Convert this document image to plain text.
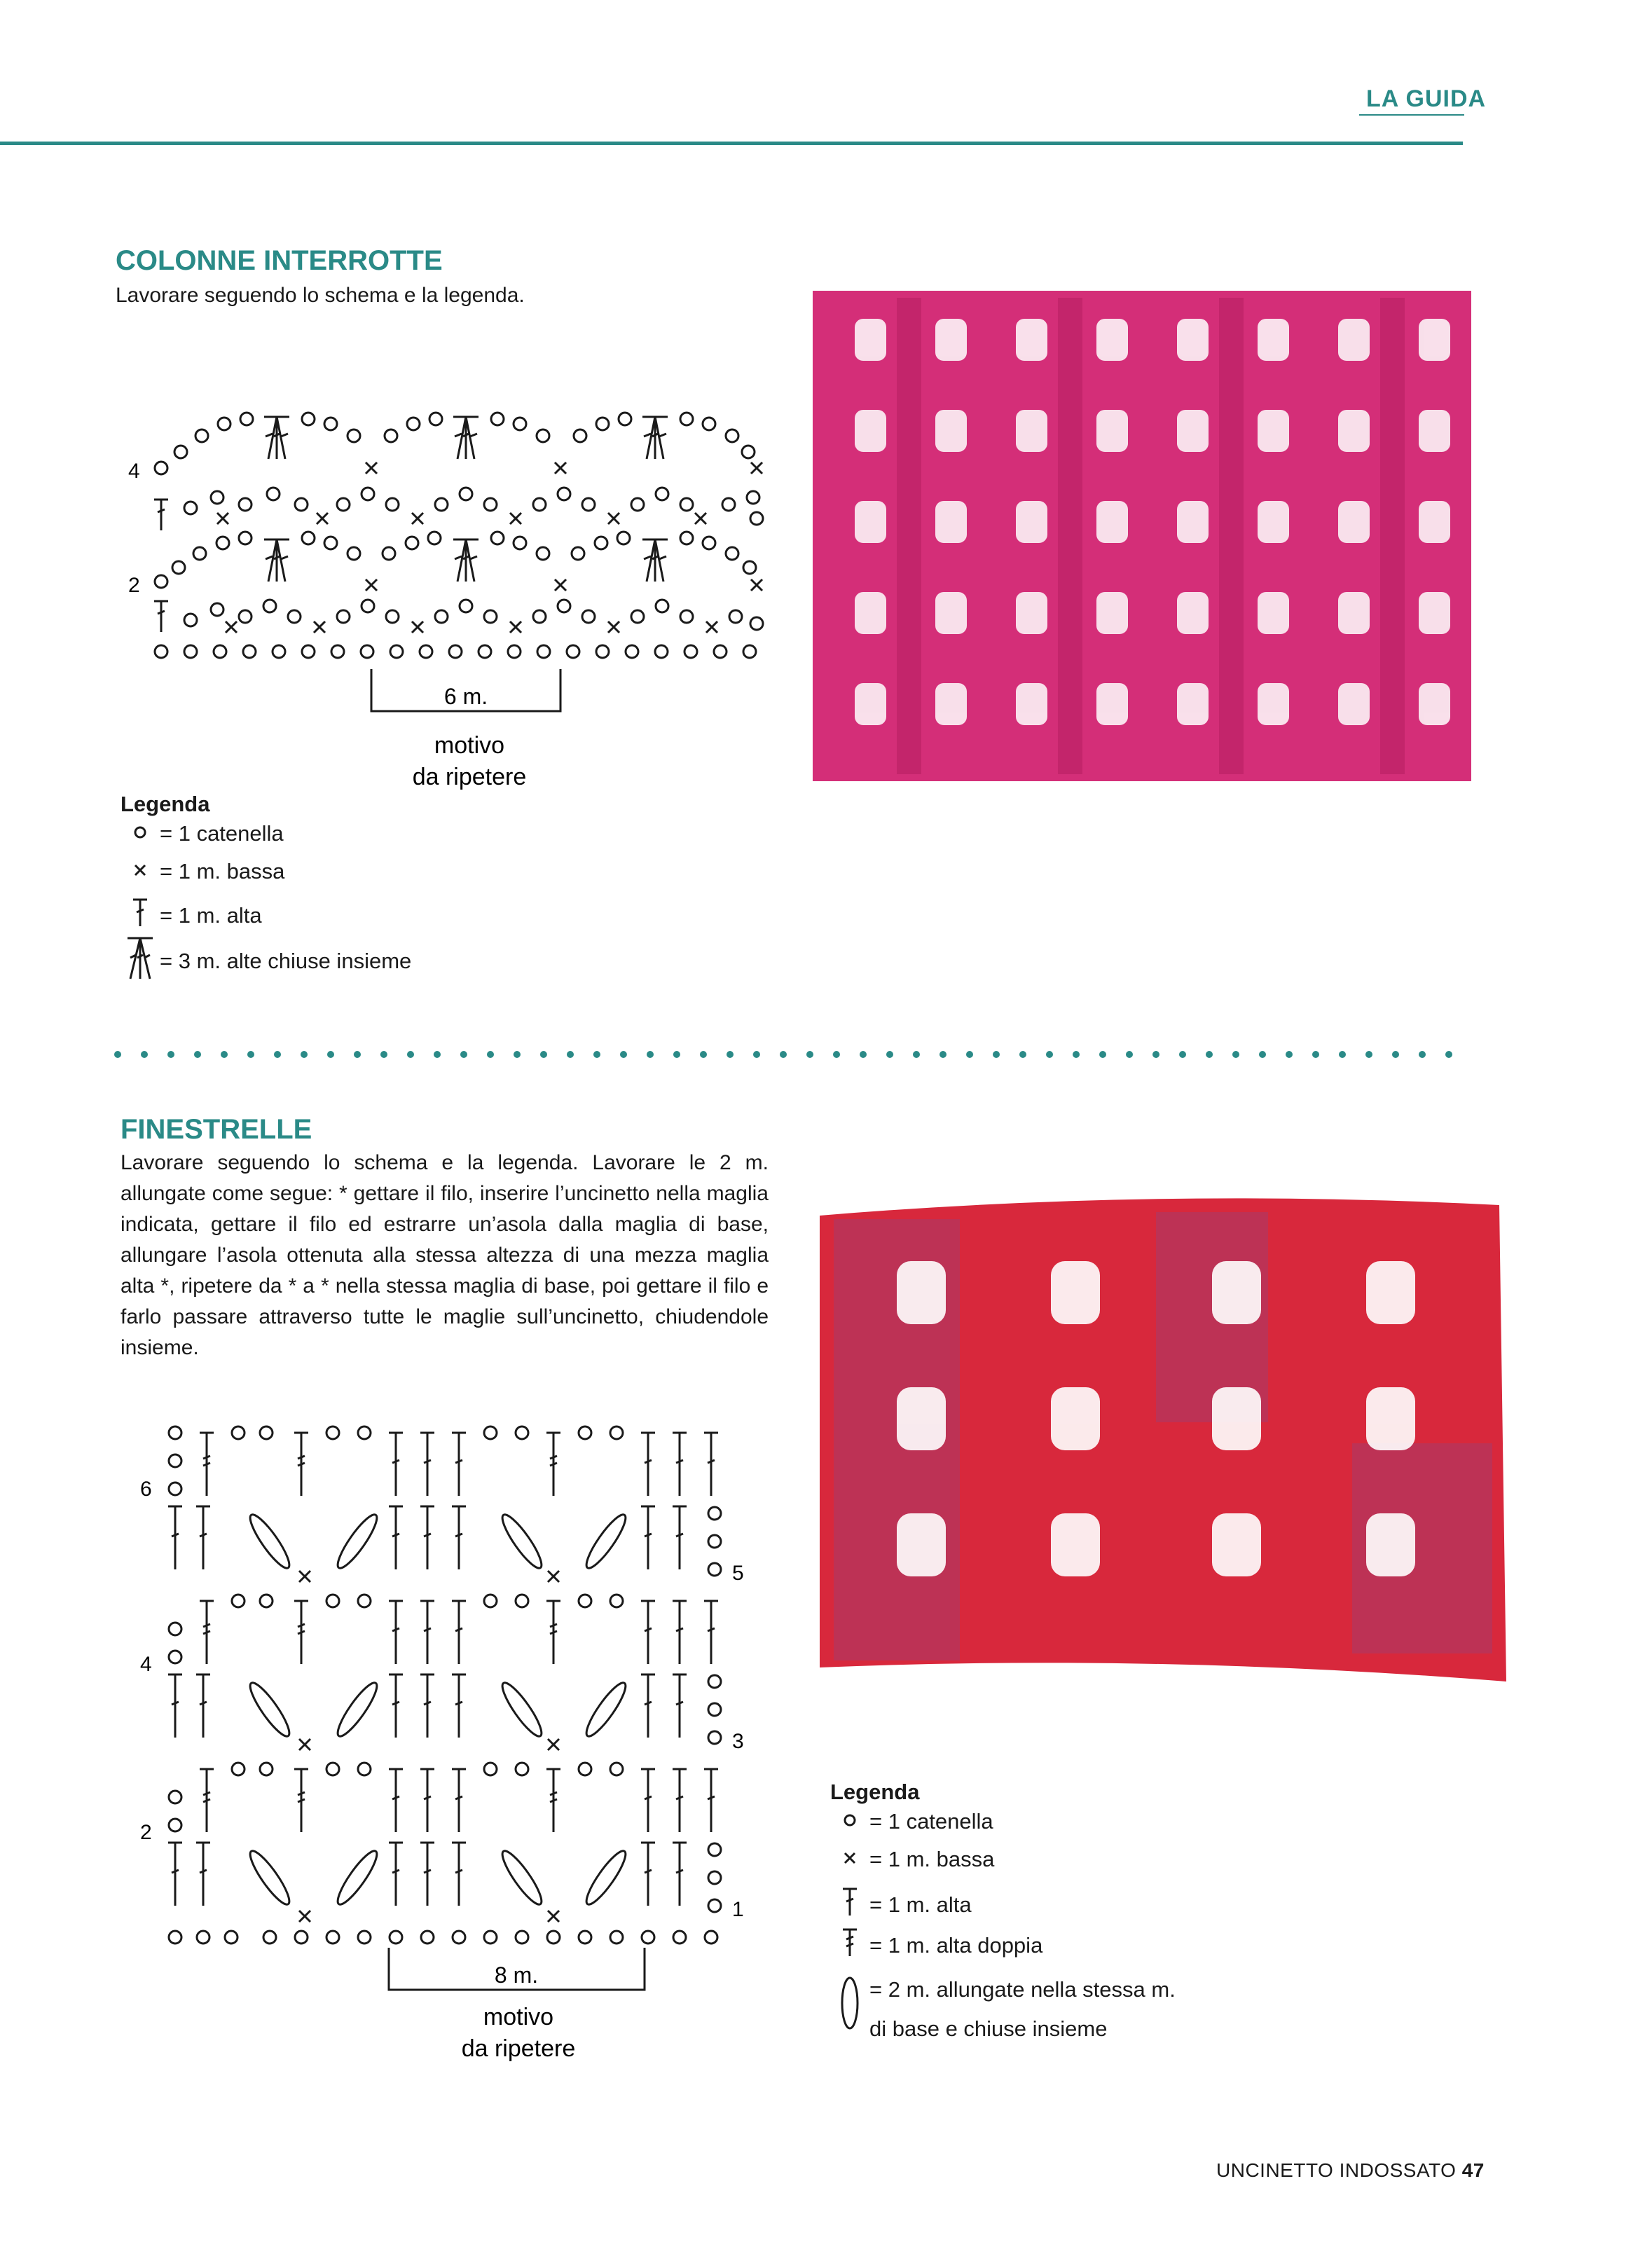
LA GUIDA
COLONNE INTERROTTE
Lavorare seguendo lo schema e la legenda.
2
4
6 m.
motivo
da ripetere
Legenda
= 1 catenella
= 1 m. bassa
= 1 m. alta
= 3 m. alte chiuse insieme
FINESTRELLE
Lavorare seguendo lo schema e la legenda. Lavorare le 2 m. allungate come segue: * gettare il filo, inserire l’uncinetto nella maglia indicata, gettare il filo ed estrarre un’asola dalla maglia di base, allungare l’asola ottenuta alla stessa altezza di una mezza maglia alta *, ripetere da * a * nella stessa maglia di base, poi gettare il filo e farlo passare attraverso tutte le maglie sull’uncinetto, chiudendole insieme.
1
2
3
4
5
6
8 m.
motivo
da ripetere
Legenda
= 1 catenella
= 1 m. bassa
= 1 m. alta
= 1 m. alta doppia
= 2 m. allungate nella stessa m.
di base e chiuse insieme
UNCINETTO INDOSSATO 47
